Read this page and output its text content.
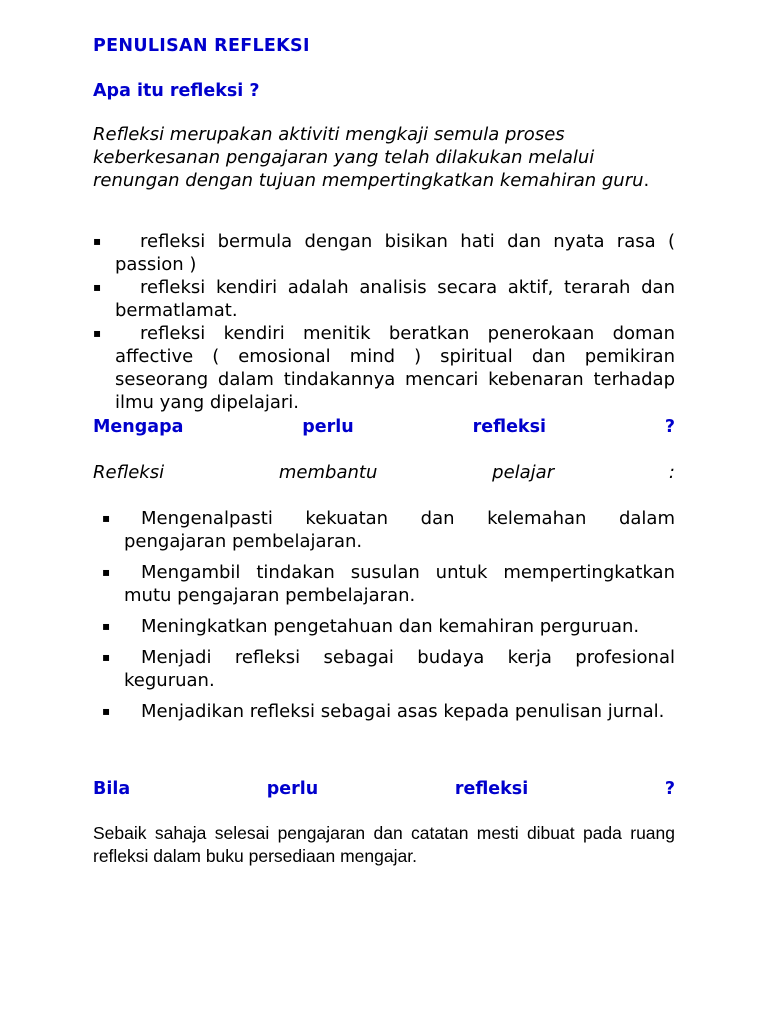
PENULISAN REFLEKSI
Apa itu refleksi ?

Refleksi merupakan aktiviti mengkaji semula proses keberkesanan pengajaran yang telah dilakukan melalui renungan dengan tujuan mempertingkatkan kemahiran guru.

▪ refleksi bermula dengan bisikan hati dan nyata rasa ( passion )
▪ refleksi kendiri adalah analisis secara aktif, terarah dan bermatlamat.
▪ refleksi kendiri menitik beratkan penerokaan doman affective ( emosional mind ) spiritual dan pemikiran seseorang dalam tindakannya mencari kebenaran terhadap ilmu yang dipelajari.
Mengapa	perlu	refleksi	?
Refleksi	membantu	pelajar	:
▪ Mengenalpasti kekuatan dan kelemahan dalam pengajaran pembelajaran.
▪ Mengambil tindakan susulan untuk mempertingkatkan mutu pengajaran pembelajaran.
▪ Meningkatkan pengetahuan dan kemahiran perguruan.
▪ Menjadi refleksi sebagai budaya kerja profesional keguruan.
▪ Menjadikan refleksi sebagai asas kepada penulisan jurnal.
Bila	perlu	refleksi	?

Sebaik sahaja selesai pengajaran dan catatan mesti dibuat pada ruang refleksi dalam buku persediaan mengajar.
